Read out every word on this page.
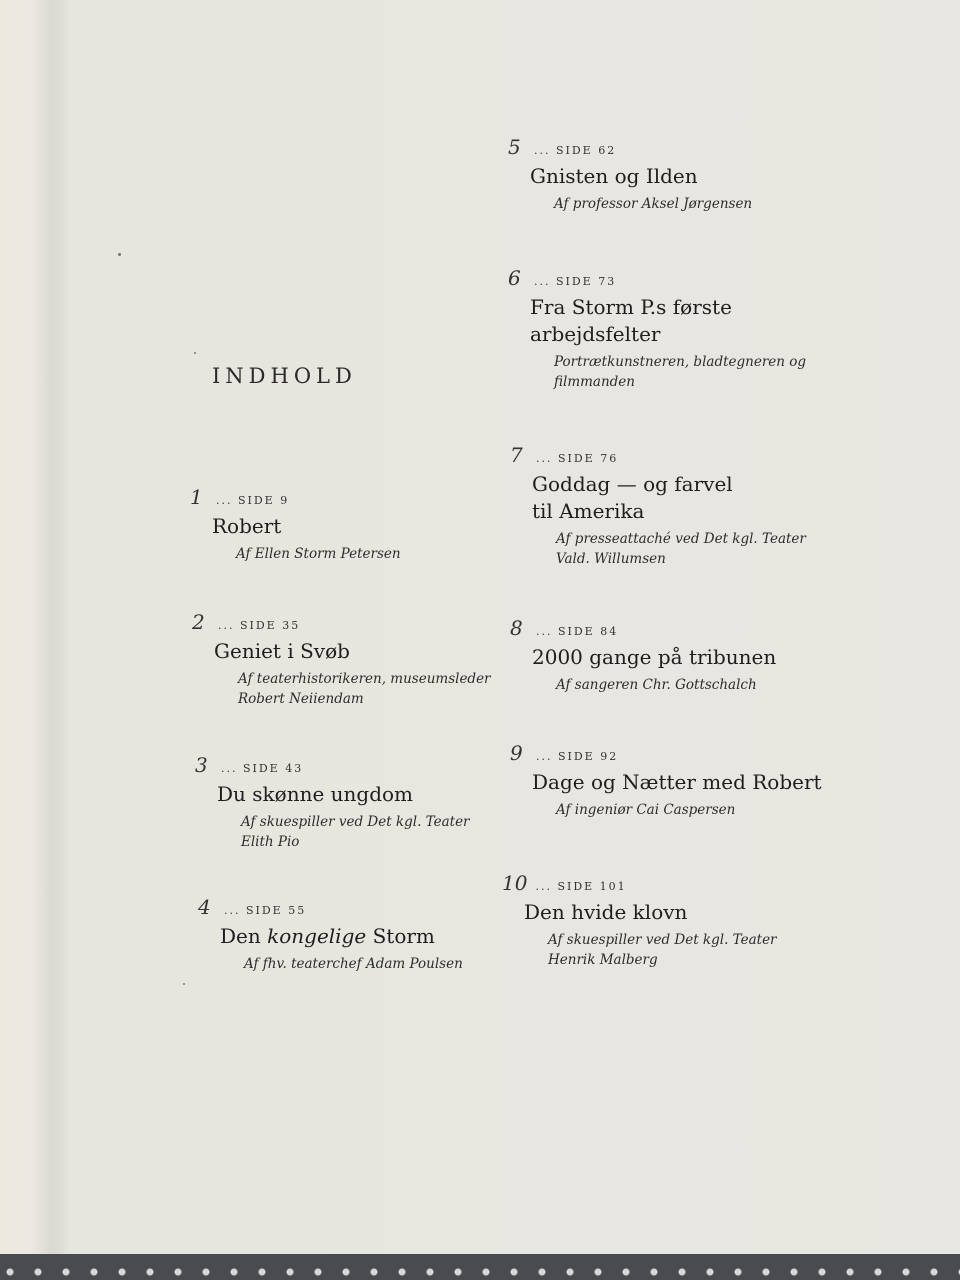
INDHOLD
1 ... SIDE 9
Robert
Af Ellen Storm Petersen
2 ... SIDE 35
Geniet i Svøb
Af teaterhistorikeren, museumsleder
Robert Neiiendam
3 ... SIDE 43
Du skønne ungdom
Af skuespiller ved Det kgl. Teater
Elith Pio
4 ... SIDE 55
Den kongelige Storm
Af fhv. teaterchef Adam Poulsen
5 ... SIDE 62
Gnisten og Ilden
Af professor Aksel Jørgensen
6 ... SIDE 73
Fra Storm P.s første
arbejdsfelter
Portrætkunstneren, bladtegneren og
filmmanden
7 ... SIDE 76
Goddag — og farvel
til Amerika
Af presseattaché ved Det kgl. Teater
Vald. Willumsen
8 ... SIDE 84
2000 gange på tribunen
Af sangeren Chr. Gottschalch
9 ... SIDE 92
Dage og Nætter med Robert
Af ingeniør Cai Caspersen
10 ... SIDE 101
Den hvide klovn
Af skuespiller ved Det kgl. Teater
Henrik Malberg
